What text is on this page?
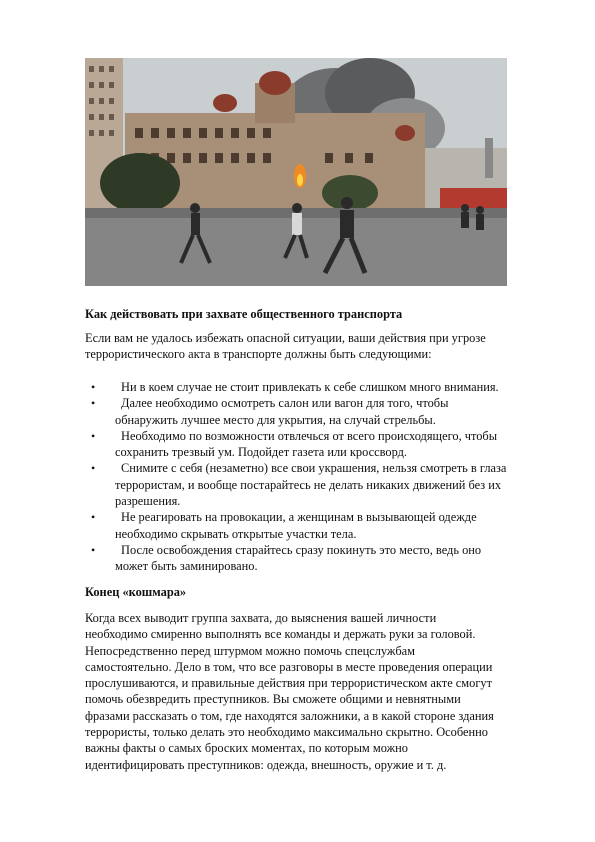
Как действовать при захвате общественного транспорта
Если вам не удалось избежать опасной ситуации, ваши действия при угрозе
террористического акта в транспорте должны быть следующими:
•	Ни в коем случае не стоит привлекать к себе слишком много внимания.
•	Далее необходимо осмотреть салон или вагон для того, чтобы
обнаружить лучшее место для укрытия, на случай стрельбы.
•	Необходимо по возможности отвлечься от всего происходящего, чтобы
сохранить трезвый ум. Подойдет газета или кроссворд.
•	Снимите с себя (незаметно) все свои украшения, нельзя смотреть в глаза
террористам, и вообще постарайтесь не делать никаких движений без их
разрешения.
•	Не реагировать на провокации, а женщинам в вызывающей одежде
необходимо скрывать открытые участки тела.
•	После освобождения старайтесь сразу покинуть это место, ведь оно
может быть заминировано.
Конец «кошмара»
Когда всех выводит группа захвата, до выяснения вашей личности
необходимо смиренно выполнять все команды и держать руки за головой.
Непосредственно перед штурмом можно помочь спецслужбам
самостоятельно. Дело в том, что все разговоры в месте проведения операции
прослушиваются, и правильные действия при террористическом акте смогут
помочь обезвредить преступников. Вы сможете общими и невнятными
фразами рассказать о том, где находятся заложники, а в какой стороне здания
террористы, только делать это необходимо максимально скрытно. Особенно
важны факты о самых броских моментах, по которым можно
идентифицировать преступников: одежда, внешность, оружие и т. д.
